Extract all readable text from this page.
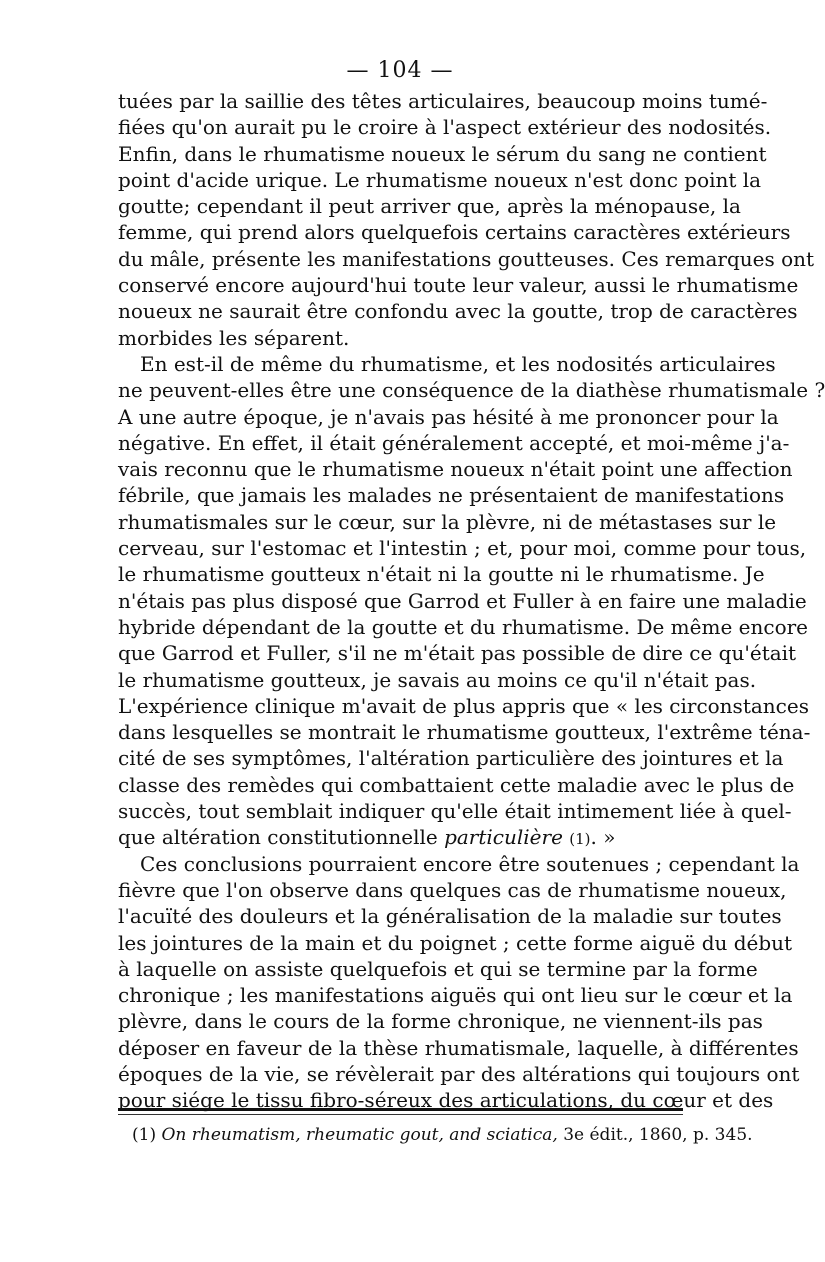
— 104 —
tuées par la saillie des têtes articulaires, beaucoup moins tumé-
fiées qu'on aurait pu le croire à l'aspect extérieur des nodosités.
Enfin, dans le rhumatisme noueux le sérum du sang ne contient
point d'acide urique. Le rhumatisme noueux n'est donc point la
goutte; cependant il peut arriver que, après la ménopause, la
femme, qui prend alors quelquefois certains caractères extérieurs
du mâle, présente les manifestations goutteuses. Ces remarques ont
conservé encore aujourd'hui toute leur valeur, aussi le rhumatisme
noueux ne saurait être confondu avec la goutte, trop de caractères
morbides les séparent.
En est-il de même du rhumatisme, et les nodosités articulaires
ne peuvent-elles être une conséquence de la diathèse rhumatismale ?
A une autre époque, je n'avais pas hésité à me prononcer pour la
négative. En effet, il était généralement accepté, et moi-même j'a-
vais reconnu que le rhumatisme noueux n'était point une affection
fébrile, que jamais les malades ne présentaient de manifestations
rhumatismales sur le cœur, sur la plèvre, ni de métastases sur le
cerveau, sur l'estomac et l'intestin ; et, pour moi, comme pour tous,
le rhumatisme goutteux n'était ni la goutte ni le rhumatisme. Je
n'étais pas plus disposé que Garrod et Fuller à en faire une maladie
hybride dépendant de la goutte et du rhumatisme. De même encore
que Garrod et Fuller, s'il ne m'était pas possible de dire ce qu'était
le rhumatisme goutteux, je savais au moins ce qu'il n'était pas.
L'expérience clinique m'avait de plus appris que « les circonstances
dans lesquelles se montrait le rhumatisme goutteux, l'extrême téna-
cité de ses symptômes, l'altération particulière des jointures et la
classe des remèdes qui combattaient cette maladie avec le plus de
succès, tout semblait indiquer qu'elle était intimement liée à quel-
que altération constitutionnelle particulière (1). »
Ces conclusions pourraient encore être soutenues ; cependant la
fièvre que l'on observe dans quelques cas de rhumatisme noueux,
l'acuïté des douleurs et la généralisation de la maladie sur toutes
les jointures de la main et du poignet ; cette forme aiguë du début
à laquelle on assiste quelquefois et qui se termine par la forme
chronique ; les manifestations aiguës qui ont lieu sur le cœur et la
plèvre, dans le cours de la forme chronique, ne viennent-ils pas
déposer en faveur de la thèse rhumatismale, laquelle, à différentes
époques de la vie, se révèlerait par des altérations qui toujours ont
pour siége le tissu fibro-séreux des articulations, du cœur et des
(1) On rheumatism, rheumatic gout, and sciatica, 3e édit., 1860, p. 345.
